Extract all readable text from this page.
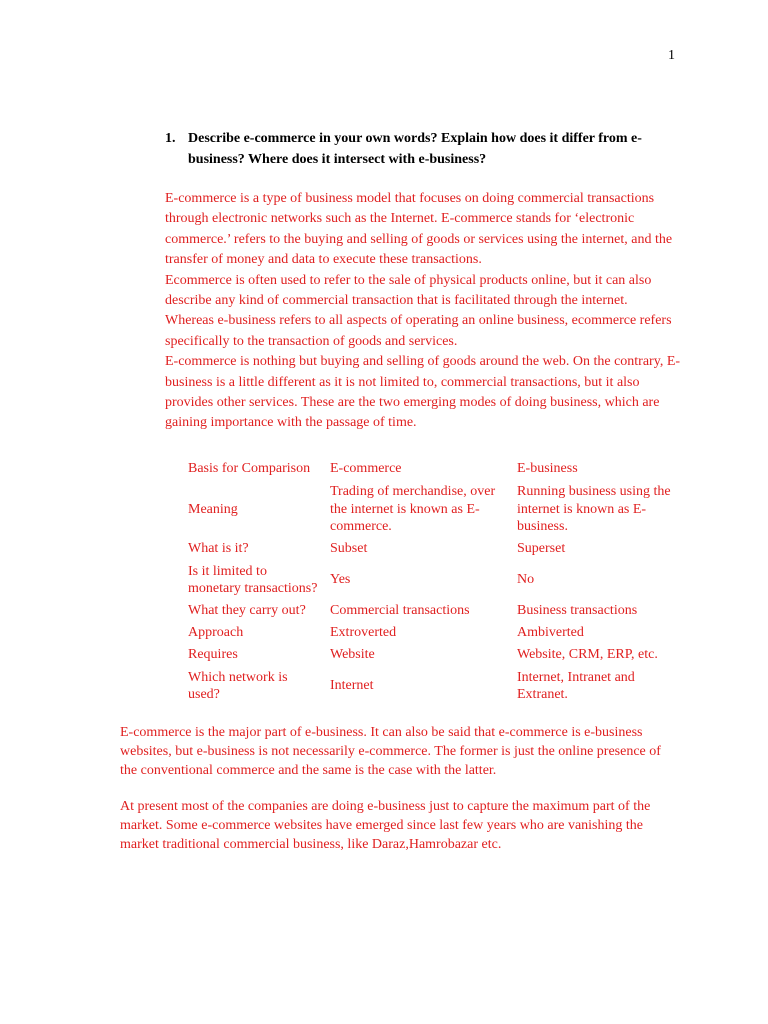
1
1. Describe e-commerce in your own words? Explain how does it differ from e-business? Where does it intersect with e-business?

E-commerce is a type of business model that focuses on doing commercial transactions through electronic networks such as the Internet. E-commerce stands for ‘electronic commerce.’ refers to the buying and selling of goods or services using the internet, and the transfer of money and data to execute these transactions.

Ecommerce is often used to refer to the sale of physical products online, but it can also describe any kind of commercial transaction that is facilitated through the internet.

Whereas e-business refers to all aspects of operating an online business, ecommerce refers specifically to the transaction of goods and services.

E-commerce is nothing but buying and selling of goods around the web. On the contrary, E-business is a little different as it is not limited to, commercial transactions, but it also provides other services. These are the two emerging modes of doing business, which are gaining importance with the passage of time.

Basis for Comparison	E-commerce	E-business
Meaning	Trading of merchandise, over the internet is known as E-commerce.	Running business using the internet is known as E-business.
What is it?	Subset	Superset
Is it limited to monetary transactions?	Yes	No
What they carry out?	Commercial transactions	Business transactions
Approach	Extroverted	Ambiverted
Requires	Website	Website, CRM, ERP, etc.
Which network is used?	Internet	Internet, Intranet and Extranet.

E-commerce is the major part of e-business. It can also be said that e-commerce is e-business websites, but e-business is not necessarily e-commerce. The former is just the online presence of the conventional commerce and the same is the case with the latter.

At present most of the companies are doing e-business just to capture the maximum part of the market. Some e-commerce websites have emerged since last few years who are vanishing the market traditional commercial business, like Daraz,Hamrobazar etc.
